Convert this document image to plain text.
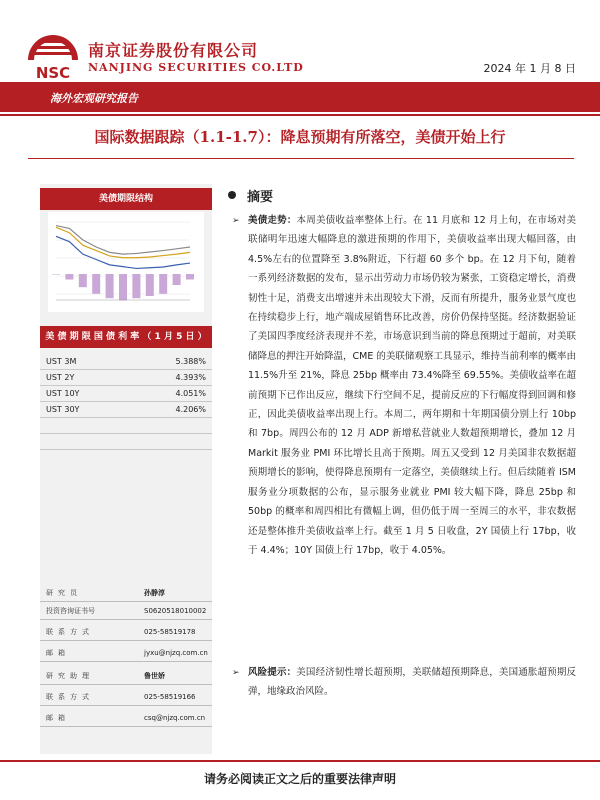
NSC
南京证券股份有限公司
NANJING SECURITIES CO.LTD	2024 年 1 月 8 日
海外宏观研究报告
国际数据跟踪（1.1-1.7）：降息预期有所落空，美债开始上行
美债期限结构
美 债 期 限 国 债 利 率 （ 1 月 5 日 ）
UST 3M	5.388%
UST 2Y	4.393%
UST 10Y	4.051%
UST 30Y	4.206%
研究员	孙静淳
投资咨询证书号	S0620518010002
联系方式	025-58519178
邮箱	jyxu@njzq.com.cn
研究助理	鲁世娇
联系方式	025-58519166
邮箱	csq@njzq.com.cn
摘要
➢ 美债走势：本周美债收益率整体上行。在 11 月底和 12 月上旬，在市场对美联储明年迅速大幅降息的激进预期的作用下，美债收益率出现大幅回落，由 4.5%左右的位置降至 3.8%附近，下行超 60 多个 bp。在 12 月下旬，随着一系列经济数据的发布，显示出劳动力市场仍较为紧张，工资稳定增长，消费韧性十足，消费支出增速并未出现较大下滑，反而有所提升，服务业景气度也在持续稳步上行，地产端成屋销售环比改善，房价仍保持坚挺。经济数据验证了美国四季度经济表现并不差，市场意识到当前的降息预期过于超前，对美联储降息的押注开始降温，CME 的美联储观察工具显示，维持当前利率的概率由 11.5%升至 21%，降息 25bp 概率由 73.4%降至 69.55%。美债收益率在超前预期下已作出反应，继续下行空间不足，提前反应的下行幅度得到回调和修正，因此美债收益率出现上行。本周二，两年期和十年期国债分别上行 10bp 和 7bp。周四公布的 12 月 ADP 新增私营就业人数超预期增长，叠加 12 月 Markit 服务业 PMI 环比增长且高于预期。周五又受到 12 月美国非农数据超预期增长的影响，使得降息预期有一定落空，美债继续上行。但后续随着 ISM 服务业分项数据的公布，显示服务业就业 PMI 较大幅下降，降息 25bp 和 50bp 的概率和周四相比有微幅上调，但仍低于周一至周三的水平，非农数据还是整体推升美债收益率上行。截至 1 月 5 日收盘，2Y 国债上行 17bp，收于 4.4%；10Y 国债上行 17bp，收于 4.05%。
➢ 风险提示：美国经济韧性增长超预期，美联储超预期降息，美国通胀超预期反弹，地缘政治风险。
请务必阅读正文之后的重要法律声明
